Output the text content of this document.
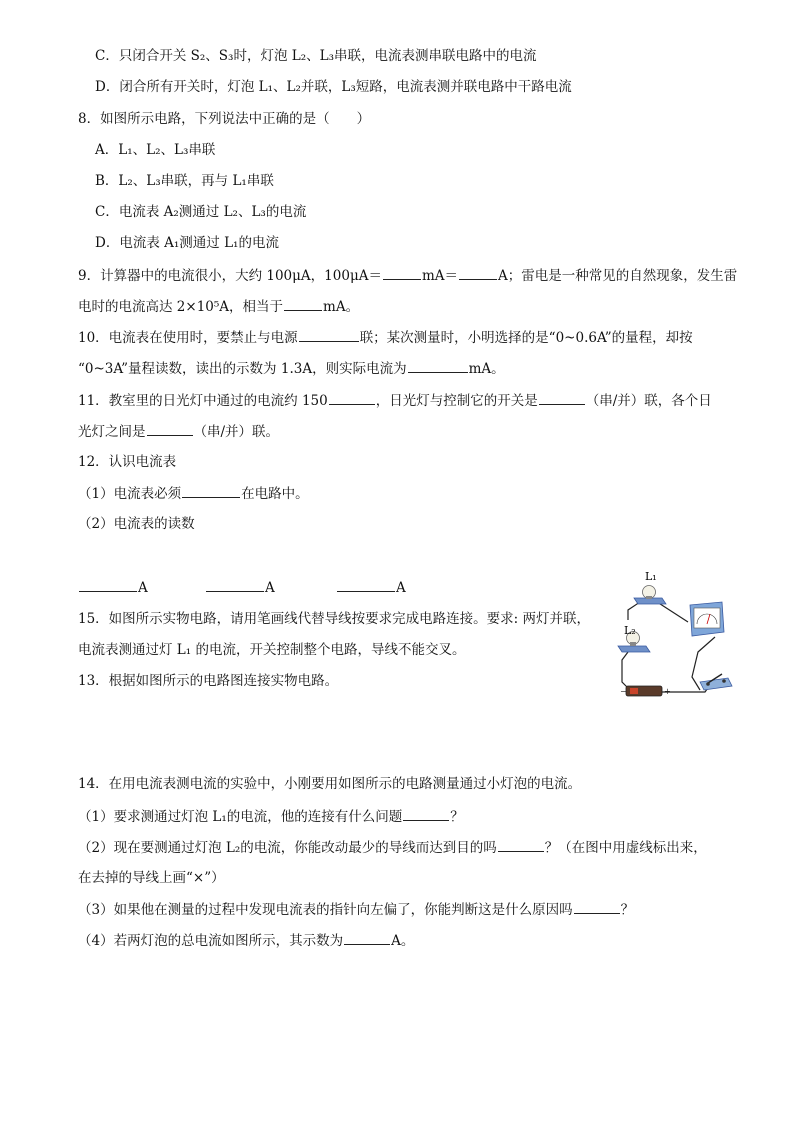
C．只闭合开关 S₂、S₃时，灯泡 L₂、L₃串联，电流表测串联电路中的电流
D．闭合所有开关时，灯泡 L₁、L₂并联，L₃短路，电流表测并联电路中干路电流
8．如图所示电路，下列说法中正确的是（　　）
A．L₁、L₂、L₃串联
B．L₂、L₃串联，再与 L₁串联
C．电流表 A₂测通过 L₂、L₃的电流
D．电流表 A₁测通过 L₁的电流
9．计算器中的电流很小，大约 100μA，100μA＝	mA＝	A；雷电是一种常见的自然现象，发生雷
电时的电流高达 2×10⁵A，相当于	mA。
10．电流表在使用时，要禁止与电源	联；某次测量时，小明选择的是“0~0.6A”的量程，却按
“0~3A”量程读数，读出的示数为 1.3A，则实际电流为	mA。
11．教室里的日光灯中通过的电流约 150	，日光灯与控制它的开关是	（串/并）联，各个日
光灯之间是	（串/并）联。
12．认识电流表
（1）电流表必须	在电路中。
（2）电流表的读数
A	A	A
15．如图所示实物电路，请用笔画线代替导线按要求完成电路连接。要求: 两灯并联，
电流表测通过灯 L₁ 的电流，开关控制整个电路，导线不能交叉。
13．根据如图所示的电路图连接实物电路。
L₁
L₂
−	+
14．在用电流表测电流的实验中，小刚要用如图所示的电路测量通过小灯泡的电流。
（1）要求测通过灯泡 L₁的电流，他的连接有什么问题	？
（2）现在要测通过灯泡 L₂的电流，你能改动最少的导线而达到目的吗	？（在图中用虚线标出来，
在去掉的导线上画“×”）
（3）如果他在测量的过程中发现电流表的指针向左偏了，你能判断这是什么原因吗	？
（4）若两灯泡的总电流如图所示，其示数为	A。
